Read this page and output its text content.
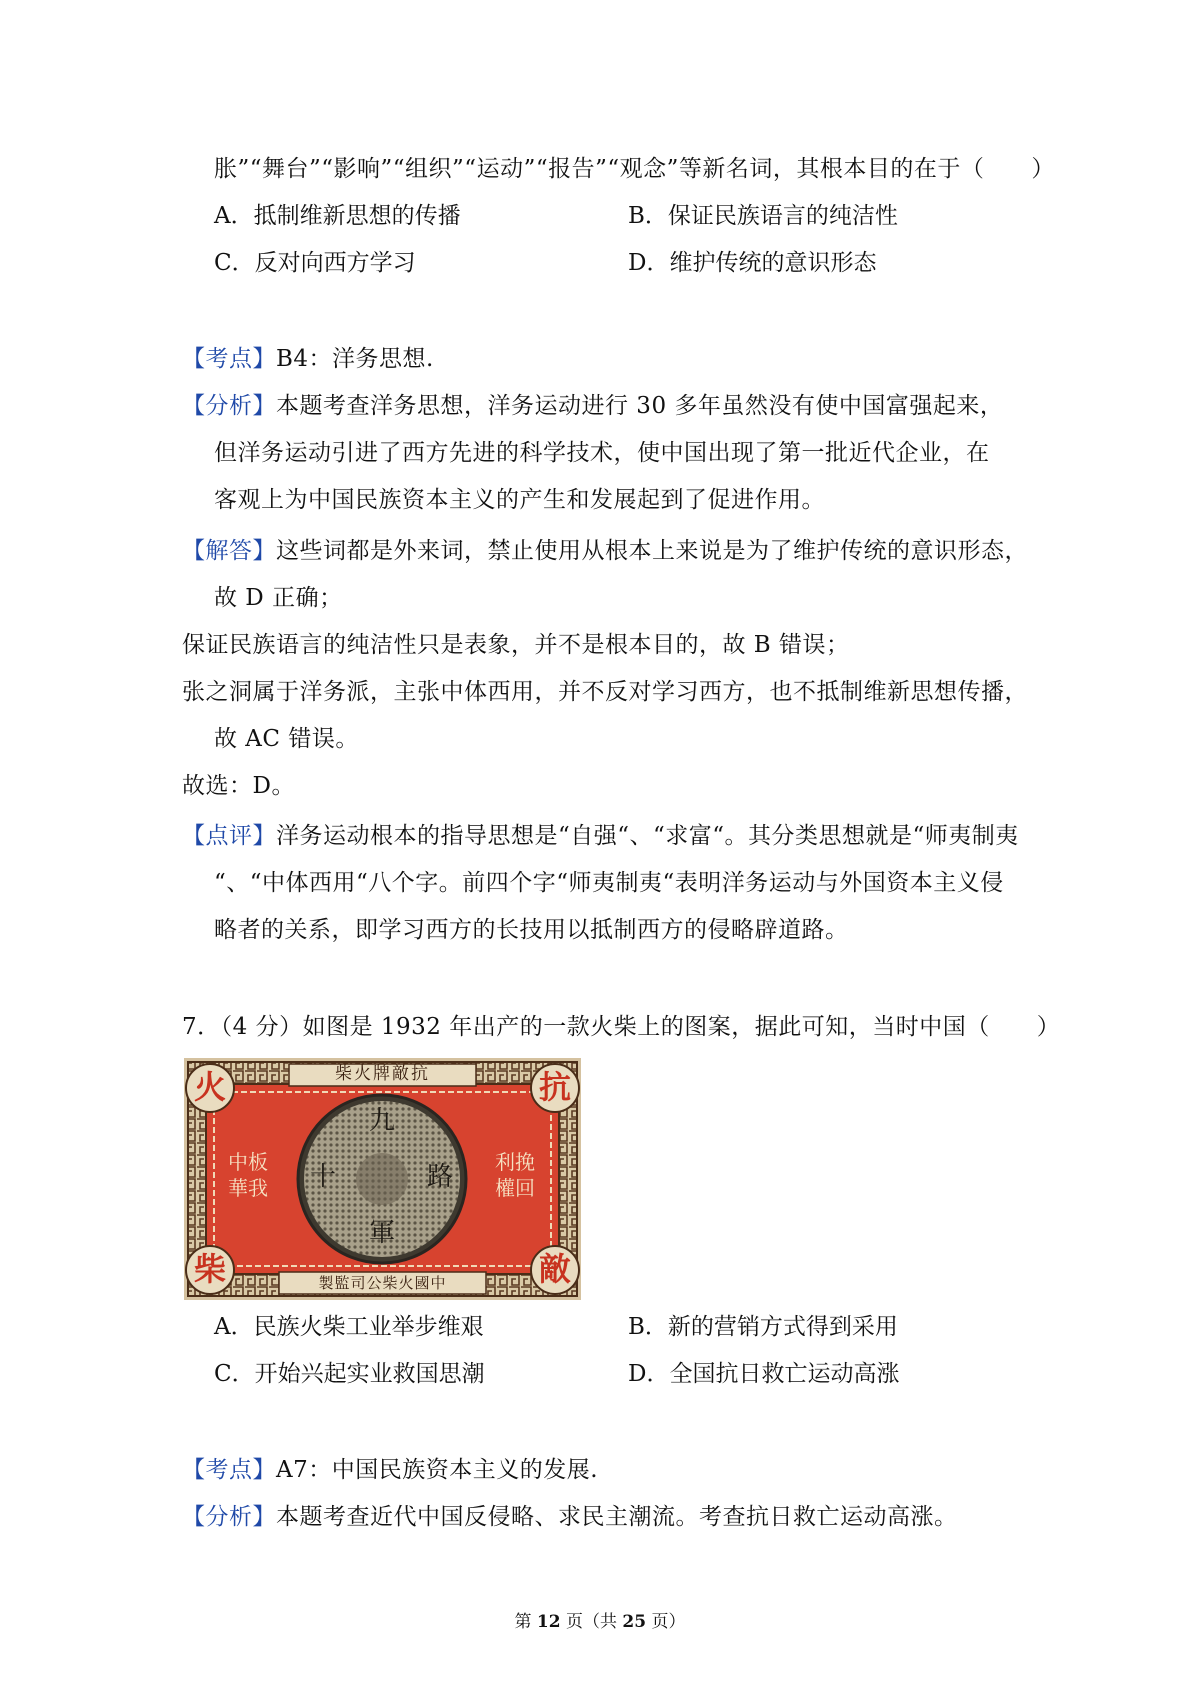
胀”“舞台”“影响”“组织”“运动”“报告”“观念”等新名词，其根本目的在于（　　）
A．抵制维新思想的传播	B．保证民族语言的纯洁性
C．反对向西方学习	D．维护传统的意识形态
【考点】B4：洋务思想.
【分析】本题考查洋务思想，洋务运动进行 30 多年虽然没有使中国富强起来，
但洋务运动引进了西方先进的科学技术，使中国出现了第一批近代企业，在
客观上为中国民族资本主义的产生和发展起到了促进作用。
【解答】这些词都是外来词，禁止使用从根本上来说是为了维护传统的意识形态，
故 D 正确；
保证民族语言的纯洁性只是表象，并不是根本目的，故 B 错误；
张之洞属于洋务派，主张中体西用，并不反对学习西方，也不抵制维新思想传播，
故 AC 错误。
故选：D。
【点评】洋务运动根本的指导思想是“自强“、“求富“。其分类思想就是“师夷制夷
“、“中体西用“八个字。前四个字“师夷制夷“表明洋务运动与外国资本主义侵
略者的关系，即学习西方的长技用以抵制西方的侵略辟道路。
7．（4 分）如图是 1932 年出产的一款火柴上的图案，据此可知，当时中国（　　）
柴火牌敵抗
製監司公柴火國中
火	抗
柴	敵
中板
華我
利挽
權回
十
九
路
軍
A．民族火柴工业举步维艰	B．新的营销方式得到采用
C．开始兴起实业救国思潮	D．全国抗日救亡运动高涨
【考点】A7：中国民族资本主义的发展.
【分析】本题考查近代中国反侵略、求民主潮流。考查抗日救亡运动高涨。
第 12 页（共 25 页）
